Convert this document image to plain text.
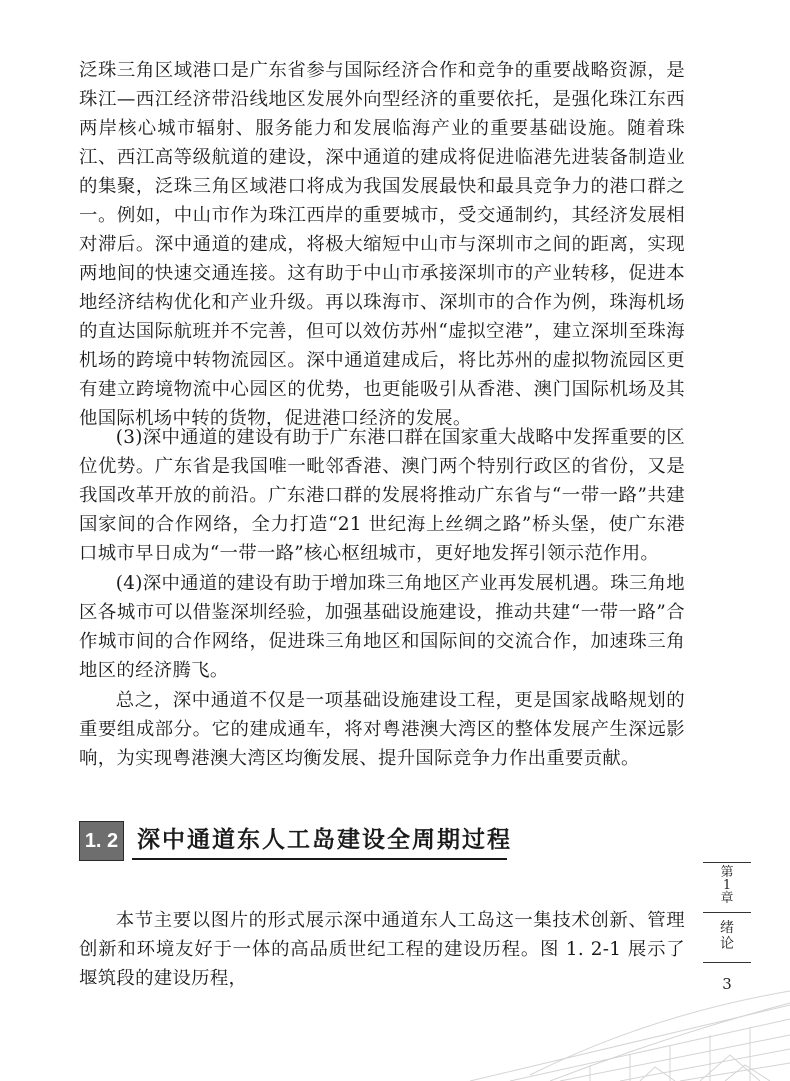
泛珠三角区域港口是广东省参与国际经济合作和竞争的重要战略资源，是珠江—西江经济带沿线地区发展外向型经济的重要依托，是强化珠江东西两岸核心城市辐射、服务能力和发展临海产业的重要基础设施。随着珠江、西江高等级航道的建设，深中通道的建成将促进临港先进装备制造业的集聚，泛珠三角区域港口将成为我国发展最快和最具竞争力的港口群之一。例如，中山市作为珠江西岸的重要城市，受交通制约，其经济发展相对滞后。深中通道的建成，将极大缩短中山市与深圳市之间的距离，实现两地间的快速交通连接。这有助于中山市承接深圳市的产业转移，促进本地经济结构优化和产业升级。再以珠海市、深圳市的合作为例，珠海机场的直达国际航班并不完善，但可以效仿苏州“虚拟空港”，建立深圳至珠海机场的跨境中转物流园区。深中通道建成后，将比苏州的虚拟物流园区更有建立跨境物流中心园区的优势，也更能吸引从香港、澳门国际机场及其他国际机场中转的货物，促进港口经济的发展。

(3)深中通道的建设有助于广东港口群在国家重大战略中发挥重要的区位优势。广东省是我国唯一毗邻香港、澳门两个特别行政区的省份，又是我国改革开放的前沿。广东港口群的发展将推动广东省与“一带一路”共建国家间的合作网络，全力打造“21 世纪海上丝绸之路”桥头堡，使广东港口城市早日成为“一带一路”核心枢纽城市，更好地发挥引领示范作用。

(4)深中通道的建设有助于增加珠三角地区产业再发展机遇。珠三角地区各城市可以借鉴深圳经验，加强基础设施建设，推动共建“一带一路”合作城市间的合作网络，促进珠三角地区和国际间的交流合作，加速珠三角地区的经济腾飞。

总之，深中通道不仅是一项基础设施建设工程，更是国家战略规划的重要组成部分。它的建成通车，将对粤港澳大湾区的整体发展产生深远影响，为实现粤港澳大湾区均衡发展、提升国际竞争力作出重要贡献。

1. 2 深中通道东人工岛建设全周期过程

本节主要以图片的形式展示深中通道东人工岛这一集技术创新、管理创新和环境友好于一体的高品质世纪工程的建设历程。图 1. 2-1 展示了堰筑段的建设历程，

第
1
章
绪
论
3
